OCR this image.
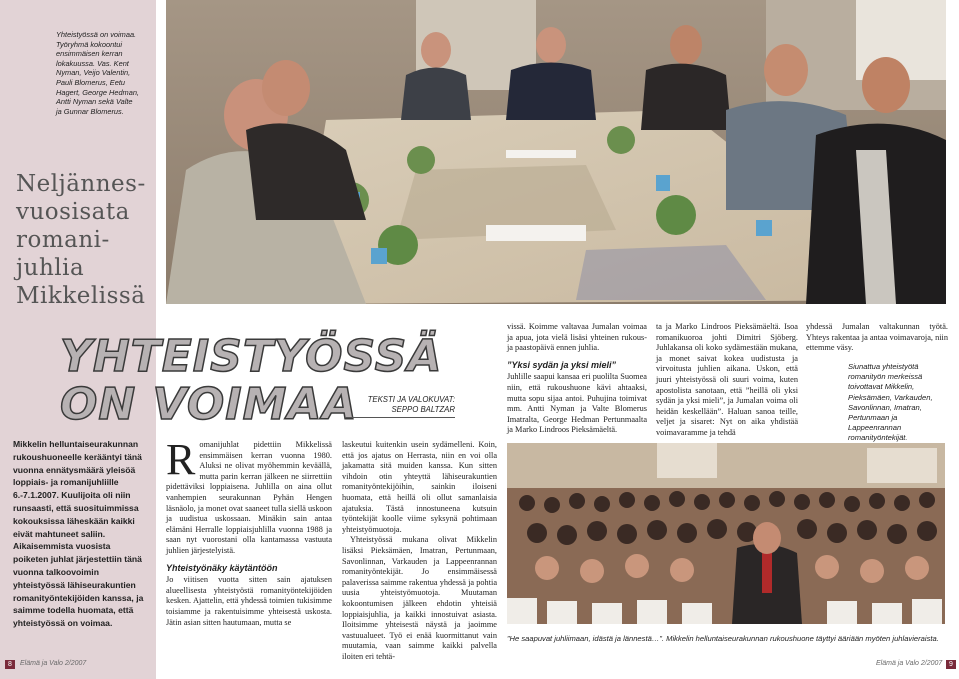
Yhteistyössä on voimaa.
Työryhmä kokoontui
ensimmäisen kerran
lokakuussa. Vas. Kent
Nyman, Veijo Valentin,
Pauli Blomerus, Eetu
Hagert, George Hedman,
Antti Nyman sekä Valte
ja Gunnar Blomerus.
Neljännes-
vuosisata
romani-
juhlia
Mikkelissä
Mikkelin helluntaiseurakunnan rukoushuoneelle kerääntyi tänä vuonna ennätysmäärä yleisöä loppiais- ja romanijuhliille 6.-7.1.2007. Kuulijoita oli niin runsaasti, että suosituimmissa kokouksissa läheskään kaikki eivät mahtuneet saliin. Aikaisemmista vuosista poiketen juhlat järjestettiin tänä vuonna talkoovoimin yhteistyössä lähiseurakuntien romanityöntekijöiden kanssa, ja saimme todella huomata, että yhteistyössä on voimaa.
8	Elämä ja Valo 2/2007
YHTEISTYÖSSÄ
ON VOIMAA	TEKSTI JA VALOKUVAT:
SEPPO BALTZAR
R omanijuhlat pidettiin Mikkelissä ensimmäisen kerran vuonna 1980. Aluksi ne olivat myöhemmin keväällä, mutta parin kerran jälkeen ne siirrettiin pidettäviksi loppiaisena. Juhlilla on aina ollut vanhempien seurakunnan Pyhän Hengen läsnäolo, ja monet ovat saaneet tulla siellä uskoon ja uudistua uskossaan. Minäkin sain antaa elämäni Herralle loppiaisjuhlilla vuonna 1988 ja saan nyt vuorostani olla kantamassa vastuuta juhlien järjestelyistä.

Yhteistyönäky käytäntöön

Jo viitisen vuotta sitten sain ajatuksen alueellisesta yhteistyöstä romanityöntekijöiden kesken. Ajattelin, että yhdessä toimien tukisimme toisiamme ja rakentuisimme yhteisestä uskosta. Jätin asian sitten hautumaan, mutta se

laskeutui kuitenkin usein sydämelleni. Koin, että jos ajatus on Herrasta, niin en voi olla jakamatta sitä muiden kanssa. Kun sitten vihdoin otin yhteyttä lähiseurakuntien romanityöntekijöihin, sainkin iloiseni huomata, että heillä oli ollut samanlaisia ajatuksia. Tästä innostuneena kutsuin työntekijät koolle viime syksynä pohtimaan yhteistyömuotoja.

Yhteistyössä mukana olivat Mikkelin lisäksi Pieksämäen, Imatran, Pertunmaan, Savonlinnan, Varkauden ja Lappeenrannan romanityöntekijät. Jo ensimmäisessä palaverissa saimme rakentua yhdessä ja pohtia uusia yhteistyömuotoja. Muutaman kokoontumisen jälkeen ehdotin yhteisiä loppiaisjuhlia, ja kaikki innostuivat asiasta. Iloitsimme yhteisestä näystä ja jaoimme vastuualueet. Työ ei enää kuormittanut vain muutamia, vaan saimme kaikki palvella iloiten eri tehtä-

vissä. Koimme valtavaa Jumalan voimaa ja apua, jota vielä lisäsi yhteinen rukous- ja paastopäivä ennen juhlia.

”Yksi sydän ja yksi mieli”

Juhlille saapui kansaa eri puolilta Suomea niin, että rukoushuone kävi ahtaaksi, mutta sopu sijaa antoi. Puhujina toimivat mm. Antti Nyman ja Valte Blomerus Imatralta, George Hedman Pertunmaalta ja Marko Lindroos Pieksämäeltä.

ta ja Marko Lindroos Pieksämäeltä. Isoa romanikuoroa johti Dimitri Sjöberg. Juhlakansa oli koko sydämestään mukana, ja monet saivat kokea uudistusta ja virvoitusta juhlien aikana. Uskon, että juuri yhteistyössä oli suuri voima, kuten apostolista sanotaan, että ”heillä oli yksi sydän ja yksi mieli”, ja Jumalan voima oli heidän keskellään”. Haluan sanoa teille, veljet ja sisaret: Nyt on aika yhdistää voimavaramme ja tehdä

yhdessä Jumalan valtakunnan työtä. Yhteys rakentaa ja antaa voimavaroja, niin ettemme väsy.

Siunattua yhteistyötä romanityön merkeissä toivottavat Mikkelin, Pieksämäen, Varkauden, Savonlinnan, Imatran, Pertunmaan ja Lappeenrannan romanityöntekijät.
”He saapuvat juhliimaan, idästä ja lännestä…”. Mikkelin helluntaiseurakunnan rukoushuone täyttyi ääriään myöten juhlavieraista.
Elämä ja Valo 2/2007 9
